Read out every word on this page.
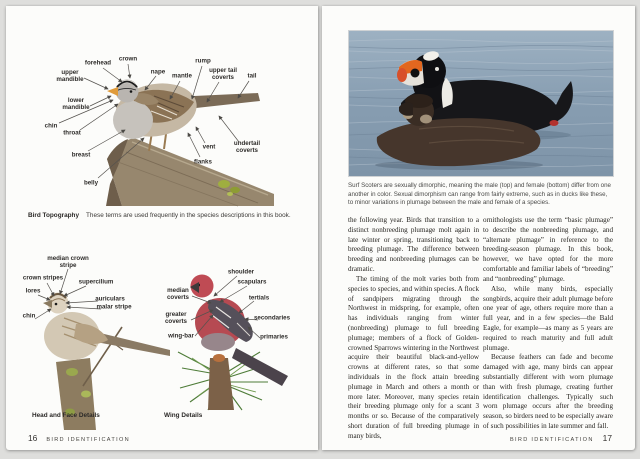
forehead
crown
nape
mantle
rump
upper tail coverts	tail
upper mandible
lower mandible
chin
throat
breast
belly
vent
flanks
undertail coverts
Bird Topography These terms are used frequently in the species descriptions in this book.
median crown stripe
crown stripes
lores
supercilium
auriculars
malar stripe
chin
shoulder
scapulars
median coverts	tertials
greater coverts
secondaries
wing-bar	primaries
Head and Face Details	Wing Details
16 BIRD IDENTIFICATION
Surf Scoters are sexually dimorphic, meaning the male (top) and female (bottom) differ from one another in color. Sexual dimorphism can range from fairly extreme, such as in ducks like these, to minor variations in plumage between the male and female of a species.

the following year. Birds that transition to a distinct nonbreeding plumage molt again in late winter or spring, transitioning back to breeding plumage. The difference between breeding and nonbreeding plumages can be dramatic.

The timing of the molt varies both from species to species, and within species. A flock of sandpipers migrating through the Northwest in midspring, for example, often has individuals ranging from winter (nonbreeding) plumage to full breeding plumage; members of a flock of Golden-crowned Sparrows wintering in the Northwest acquire their beautiful black-and-yellow crowns at different rates, so that some individuals in the flock attain breeding plumage in March and others a month or more later. Moreover, many species retain their breeding plumage only for a scant 3 months or so. Because of the comparatively short duration of full breeding plumage in many birds,

ornithologists use the term “basic plumage” to describe the nonbreeding plumage, and “alternate plumage” in reference to the breeding-season plumage. In this book, however, we have opted for the more comfortable and familiar labels of “breeding” and “nonbreeding” plumage.

Also, while many birds, especially songbirds, acquire their adult plumage before one year of age, others require more than a full year, and in a few species—the Bald Eagle, for example—as many as 5 years are required to reach maturity and full adult plumage.

Because feathers can fade and become damaged with age, many birds can appear substantially different with worn plumage than with fresh plumage, creating further identification challenges. Typically such worn plumage occurs after the breeding season, so birders need to be especially aware of such possibilities in late summer and fall.

BIRD IDENTIFICATION 17
